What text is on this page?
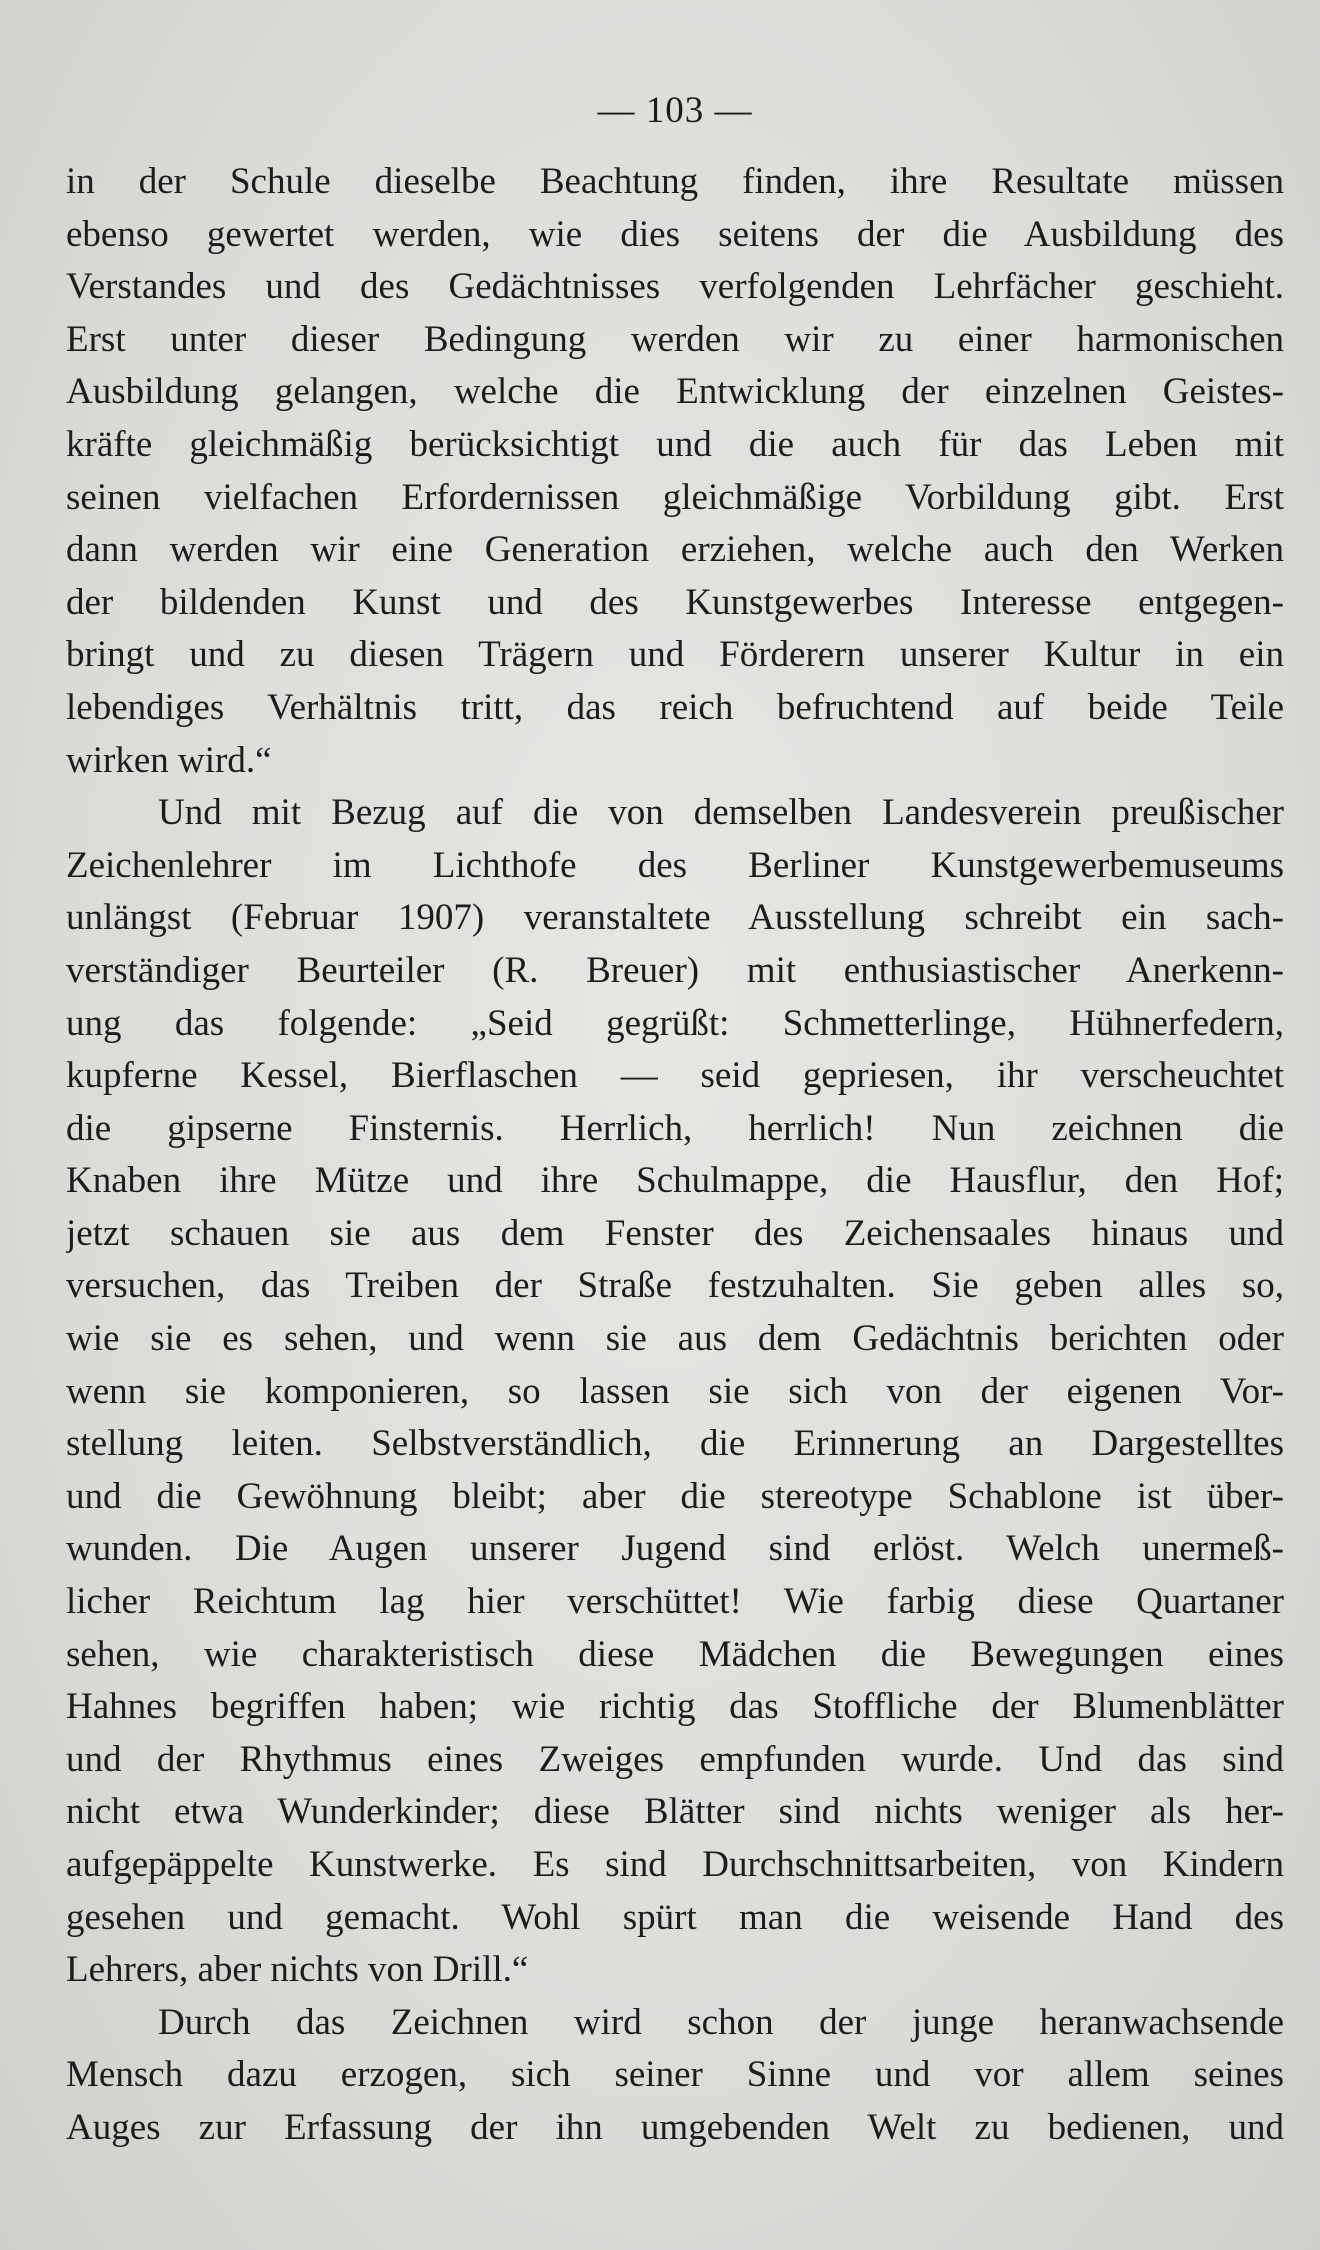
— 103 —
in der Schule dieselbe Beachtung finden, ihre Resultate müssen
ebenso gewertet werden, wie dies seitens der die Ausbildung des
Verstandes und des Gedächtnisses verfolgenden Lehrfächer geschieht.
Erst unter dieser Bedingung werden wir zu einer harmonischen
Ausbildung gelangen, welche die Entwicklung der einzelnen Geistes-
kräfte gleichmäßig berücksichtigt und die auch für das Leben mit
seinen vielfachen Erfordernissen gleichmäßige Vorbildung gibt. Erst
dann werden wir eine Generation erziehen, welche auch den Werken
der bildenden Kunst und des Kunstgewerbes Interesse entgegen-
bringt und zu diesen Trägern und Förderern unserer Kultur in ein
lebendiges Verhältnis tritt, das reich befruchtend auf beide Teile
wirken wird.“
Und mit Bezug auf die von demselben Landesverein preußischer
Zeichenlehrer im Lichthofe des Berliner Kunstgewerbemuseums
unlängst (Februar 1907) veranstaltete Ausstellung schreibt ein sach-
verständiger Beurteiler (R. Breuer) mit enthusiastischer Anerkenn-
ung das folgende: „Seid gegrüßt: Schmetterlinge, Hühnerfedern,
kupferne Kessel, Bierflaschen — seid gepriesen, ihr verscheuchtet
die gipserne Finsternis. Herrlich, herrlich! Nun zeichnen die
Knaben ihre Mütze und ihre Schulmappe, die Hausflur, den Hof;
jetzt schauen sie aus dem Fenster des Zeichensaales hinaus und
versuchen, das Treiben der Straße festzuhalten. Sie geben alles so,
wie sie es sehen, und wenn sie aus dem Gedächtnis berichten oder
wenn sie komponieren, so lassen sie sich von der eigenen Vor-
stellung leiten. Selbstverständlich, die Erinnerung an Dargestelltes
und die Gewöhnung bleibt; aber die stereotype Schablone ist über-
wunden. Die Augen unserer Jugend sind erlöst. Welch unermeß-
licher Reichtum lag hier verschüttet! Wie farbig diese Quartaner
sehen, wie charakteristisch diese Mädchen die Bewegungen eines
Hahnes begriffen haben; wie richtig das Stoffliche der Blumenblätter
und der Rhythmus eines Zweiges empfunden wurde. Und das sind
nicht etwa Wunderkinder; diese Blätter sind nichts weniger als her-
aufgepäppelte Kunstwerke. Es sind Durchschnittsarbeiten, von Kindern
gesehen und gemacht. Wohl spürt man die weisende Hand des
Lehrers, aber nichts von Drill.“
Durch das Zeichnen wird schon der junge heranwachsende
Mensch dazu erzogen, sich seiner Sinne und vor allem seines
Auges zur Erfassung der ihn umgebenden Welt zu bedienen, und
